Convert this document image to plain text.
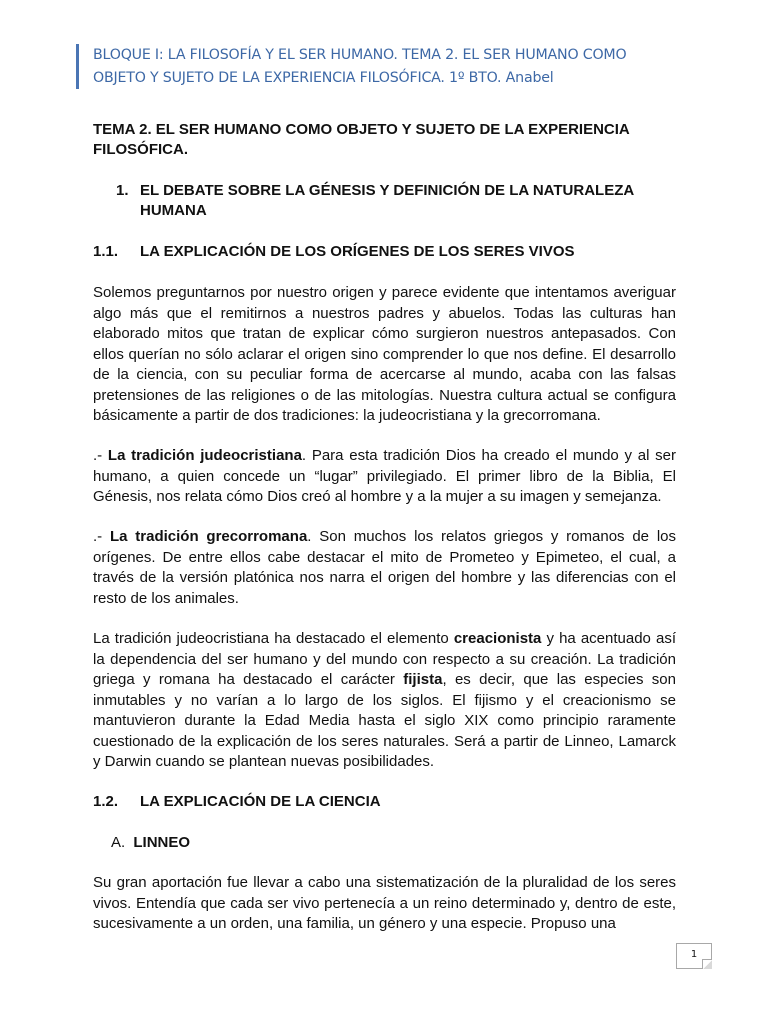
BLOQUE I: LA FILOSOFÍA Y EL SER HUMANO. TEMA 2. EL SER HUMANO COMO
OBJETO Y SUJETO DE LA EXPERIENCIA FILOSÓFICA. 1º BTO. Anabel
TEMA 2. EL SER HUMANO COMO OBJETO Y SUJETO DE LA EXPERIENCIA FILOSÓFICA.
1. EL DEBATE SOBRE LA GÉNESIS Y DEFINICIÓN DE LA NATURALEZA HUMANA
1.1. LA EXPLICACIÓN DE LOS ORÍGENES DE LOS SERES VIVOS
Solemos preguntarnos por nuestro origen y parece evidente que intentamos averiguar algo más que el remitirnos a nuestros padres y abuelos. Todas las culturas han elaborado mitos que tratan de explicar cómo surgieron nuestros antepasados. Con ellos querían no sólo aclarar el origen sino comprender lo que nos define. El desarrollo de la ciencia, con su peculiar forma de acercarse al mundo, acaba con las falsas pretensiones de las religiones o de las mitologías. Nuestra cultura actual se configura básicamente a partir de dos tradiciones: la judeocristiana y la grecorromana.
.- La tradición judeocristiana. Para esta tradición Dios ha creado el mundo y al ser humano, a quien concede un “lugar” privilegiado. El primer libro de la Biblia, El Génesis, nos relata cómo Dios creó al hombre y a la mujer a su imagen y semejanza.
.- La tradición grecorromana. Son muchos los relatos griegos y romanos de los orígenes. De entre ellos cabe destacar el mito de Prometeo y Epimeteo, el cual, a través de la versión platónica nos narra el origen del hombre y las diferencias con el resto de los animales.
La tradición judeocristiana ha destacado el elemento creacionista y ha acentuado así la dependencia del ser humano y del mundo con respecto a su creación. La tradición griega y romana ha destacado el carácter fijista, es decir, que las especies son inmutables y no varían a lo largo de los siglos. El fijismo y el creacionismo se mantuvieron durante la Edad Media hasta el siglo XIX como principio raramente cuestionado de la explicación de los seres naturales. Será a partir de Linneo, Lamarck y Darwin cuando se plantean nuevas posibilidades.
1.2. LA EXPLICACIÓN DE LA CIENCIA
A. LINNEO
Su gran aportación fue llevar a cabo una sistematización de la pluralidad de los seres vivos. Entendía que cada ser vivo pertenecía a un reino determinado y, dentro de este, sucesivamente a un orden, una familia, un género y una especie. Propuso una
1
